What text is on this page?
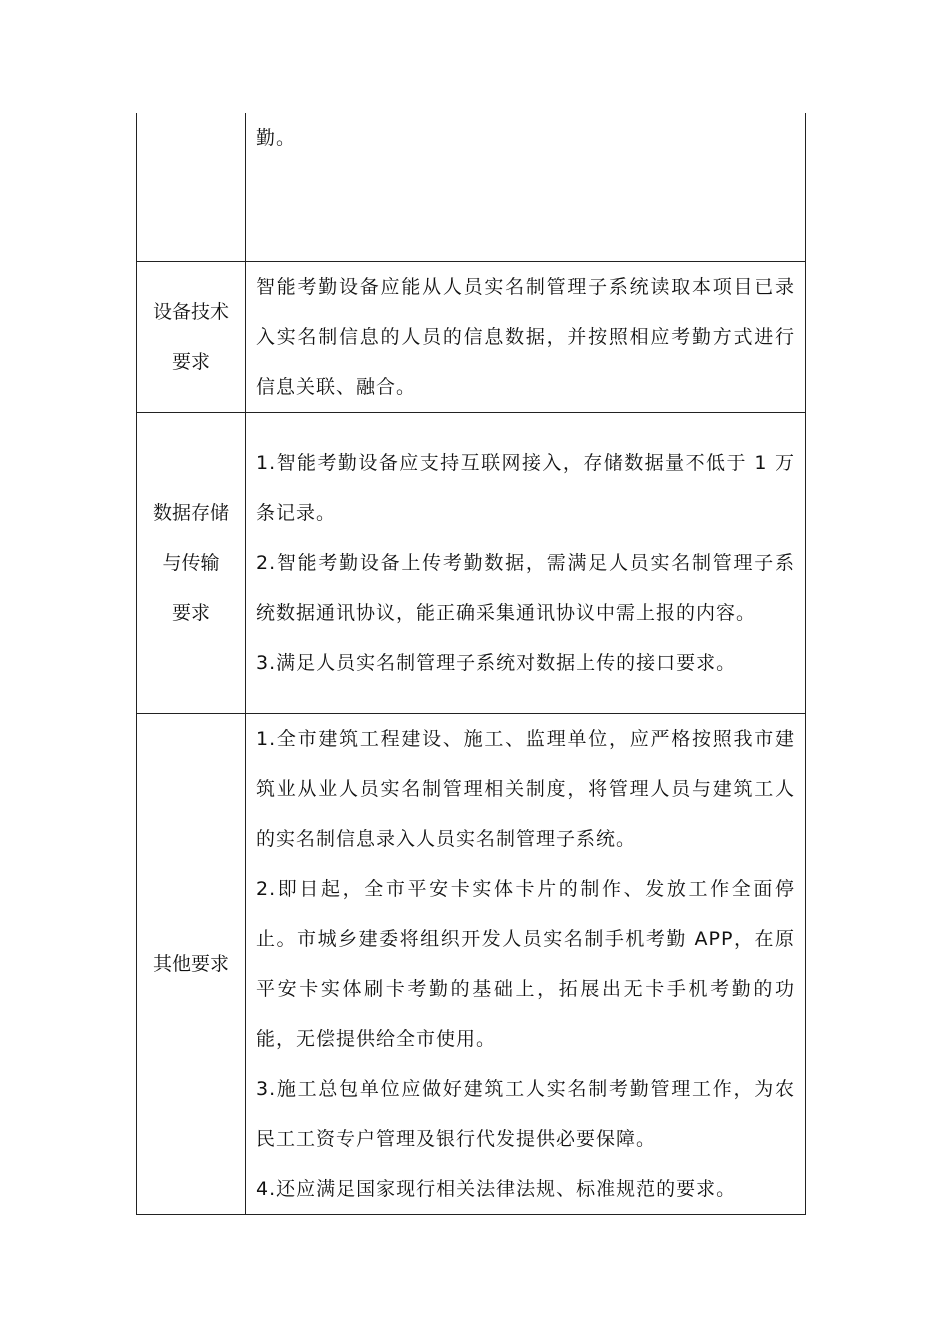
	勤。

设备技术
要求	智能考勤设备应能从人员实名制管理子系统读取本项目已录入实名制信息的人员的信息数据，并按照相应考勤方式进行信息关联、融合。

数据存储
与传输
要求	1.智能考勤设备应支持互联网接入，存储数据量不低于 1 万条记录。
2.智能考勤设备上传考勤数据，需满足人员实名制管理子系统数据通讯协议，能正确采集通讯协议中需上报的内容。
3.满足人员实名制管理子系统对数据上传的接口要求。

其他要求	1.全市建筑工程建设、施工、监理单位，应严格按照我市建筑业从业人员实名制管理相关制度，将管理人员与建筑工人的实名制信息录入人员实名制管理子系统。
2.即日起，全市平安卡实体卡片的制作、发放工作全面停止。市城乡建委将组织开发人员实名制手机考勤 APP，在原平安卡实体刷卡考勤的基础上，拓展出无卡手机考勤的功能，无偿提供给全市使用。
3.施工总包单位应做好建筑工人实名制考勤管理工作，为农民工工资专户管理及银行代发提供必要保障。
4.还应满足国家现行相关法律法规、标准规范的要求。
